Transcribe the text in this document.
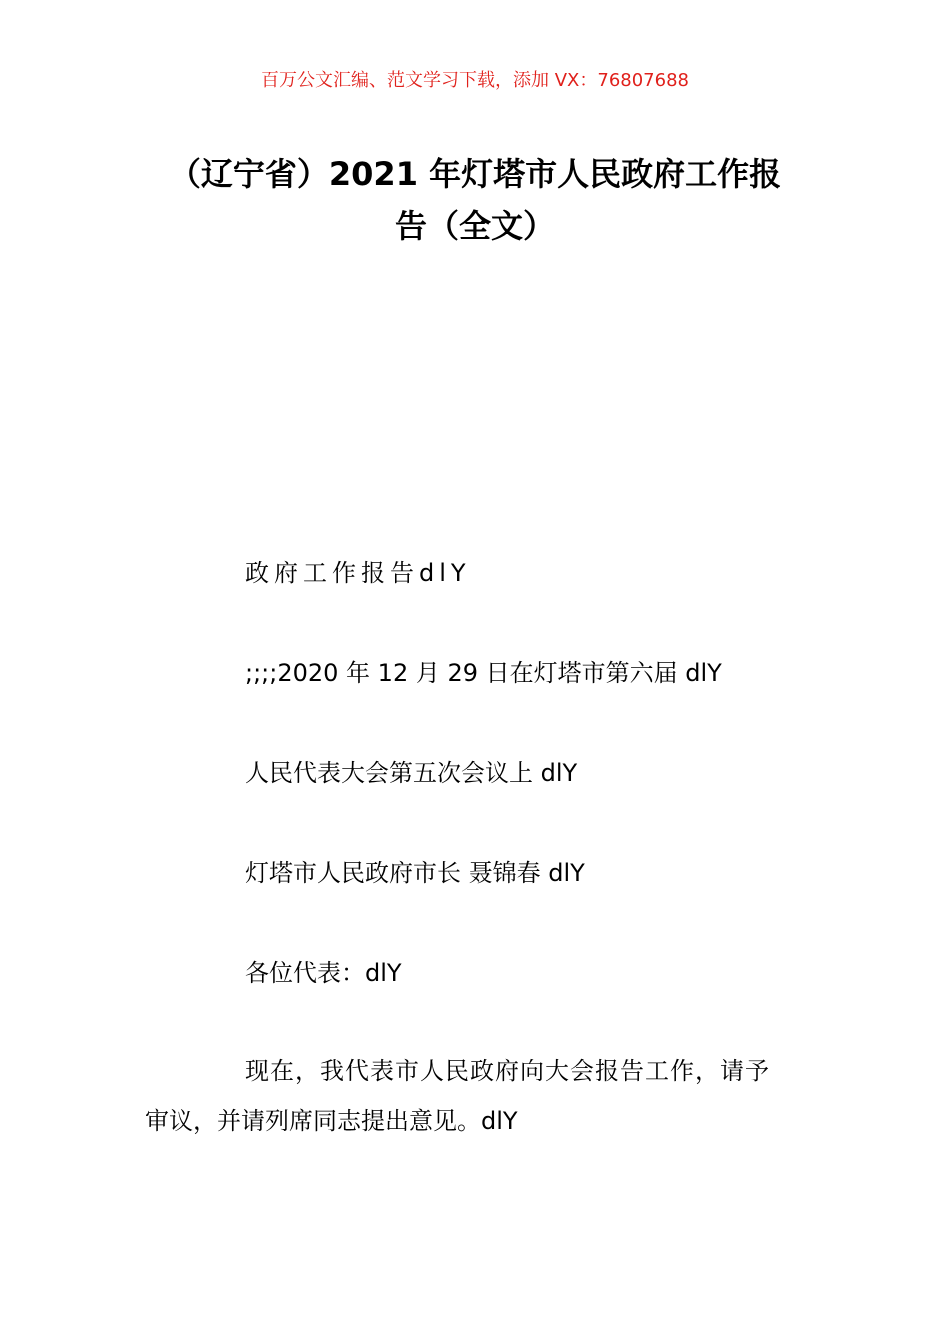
百万公文汇编、范文学习下载，添加 VX：76807688
（辽宁省）2021 年灯塔市人民政府工作报
告（全文）
政府工作报告dlY
;;;;2020 年 12 月 29 日在灯塔市第六届 dlY
人民代表大会第五次会议上 dlY
灯塔市人民政府市长 聂锦春 dlY
各位代表：dlY
现在，我代表市人民政府向大会报告工作，请予
审议，并请列席同志提出意见。dlY
